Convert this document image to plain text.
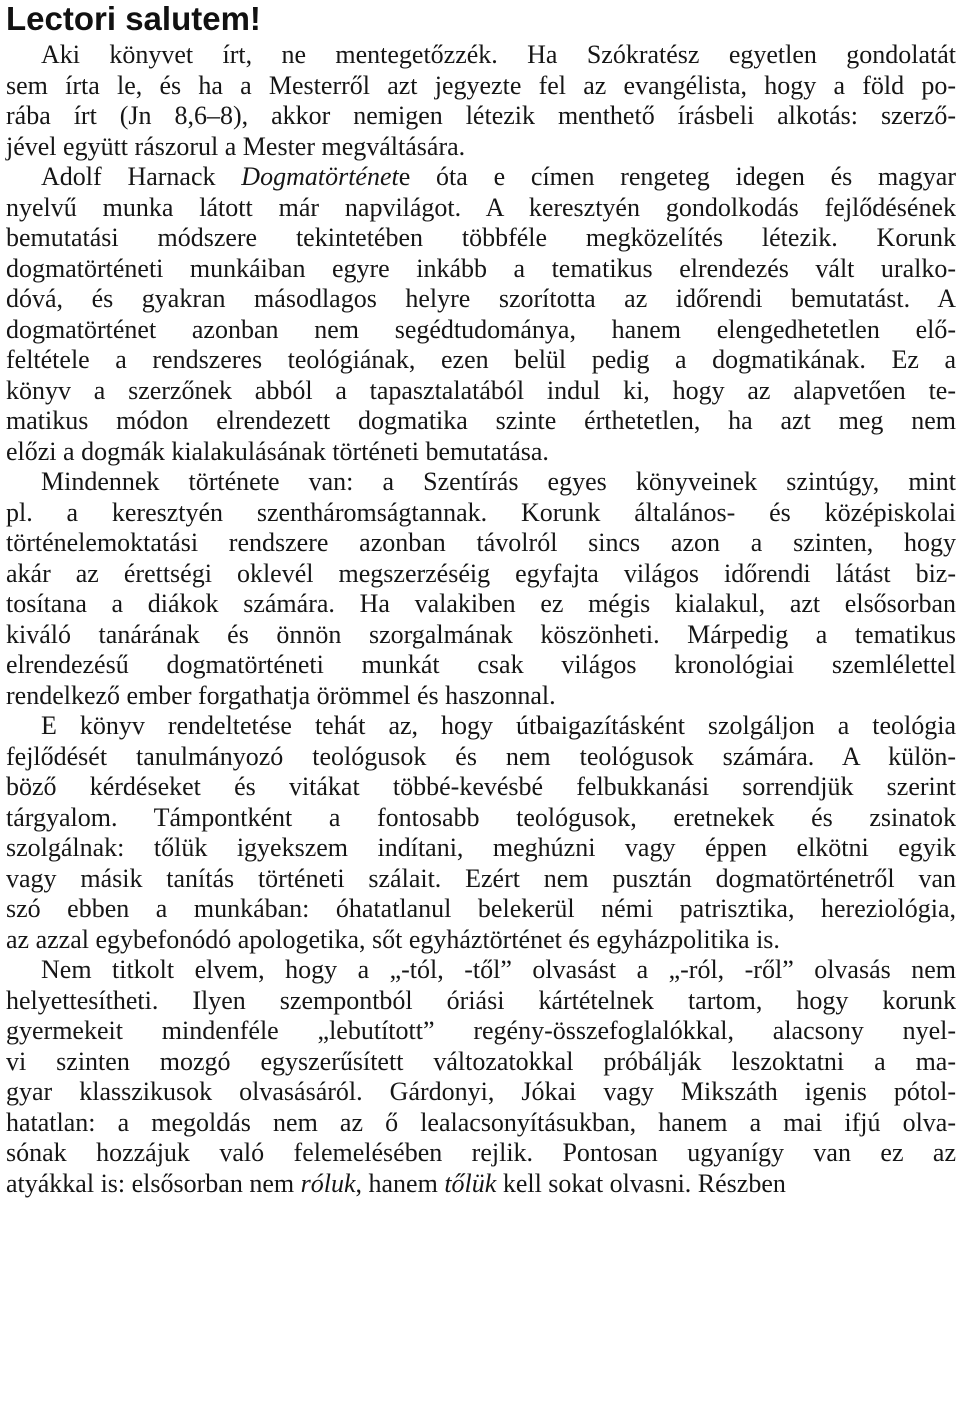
Lectori salutem!
Aki könyvet írt, ne mentegetőzzék. Ha Szókratész egyetlen gondolatát
sem írta le, és ha a Mesterről azt jegyezte fel az evangélista, hogy a föld po-
rába írt (Jn 8,6–8), akkor nemigen létezik menthető írásbeli alkotás: szerző-
jével együtt rászorul a Mester megváltására.
Adolf Harnack Dogmatörténete óta e címen rengeteg idegen és magyar
nyelvű munka látott már napvilágot. A keresztyén gondolkodás fejlődésének
bemutatási módszere tekintetében többféle megközelítés létezik. Korunk
dogmatörténeti munkáiban egyre inkább a tematikus elrendezés vált uralko-
dóvá, és gyakran másodlagos helyre szorította az időrendi bemutatást. A
dogmatörténet azonban nem segédtudománya, hanem elengedhetetlen elő-
feltétele a rendszeres teológiának, ezen belül pedig a dogmatikának. Ez a
könyv a szerzőnek abból a tapasztalatából indul ki, hogy az alapvetően te-
matikus módon elrendezett dogmatika szinte érthetetlen, ha azt meg nem
előzi a dogmák kialakulásának történeti bemutatása.
Mindennek története van: a Szentírás egyes könyveinek szintúgy, mint
pl. a keresztyén szentháromságtannak. Korunk általános- és középiskolai
történelemoktatási rendszere azonban távolról sincs azon a szinten, hogy
akár az érettségi oklevél megszerzéséig egyfajta világos időrendi látást biz-
tosítana a diákok számára. Ha valakiben ez mégis kialakul, azt elsősorban
kiváló tanárának és önnön szorgalmának köszönheti. Márpedig a tematikus
elrendezésű dogmatörténeti munkát csak világos kronológiai szemlélettel
rendelkező ember forgathatja örömmel és haszonnal.
E könyv rendeltetése tehát az, hogy útbaigazításként szolgáljon a teológia
fejlődését tanulmányozó teológusok és nem teológusok számára. A külön-
böző kérdéseket és vitákat többé-kevésbé felbukkanási sorrendjük szerint
tárgyalom. Támpontként a fontosabb teológusok, eretnekek és zsinatok
szolgálnak: tőlük igyekszem indítani, meghúzni vagy éppen elkötni egyik
vagy másik tanítás történeti szálait. Ezért nem pusztán dogmatörténetről van
szó ebben a munkában: óhatatlanul belekerül némi patrisztika, hereziológia,
az azzal egybefonódó apologetika, sőt egyháztörténet és egyházpolitika is.
Nem titkolt elvem, hogy a „-tól, -től” olvasást a „-ról, -ről” olvasás nem
helyettesítheti. Ilyen szempontból óriási kártételnek tartom, hogy korunk
gyermekeit mindenféle „lebutított” regény-összefoglalókkal, alacsony nyel-
vi szinten mozgó egyszerűsített változatokkal próbálják leszoktatni a ma-
gyar klasszikusok olvasásáról. Gárdonyi, Jókai vagy Mikszáth igenis pótol-
hatatlan: a megoldás nem az ő lealacsonyításukban, hanem a mai ifjú olva-
sónak hozzájuk való felemelésében rejlik. Pontosan ugyanígy van ez az
atyákkal is: elsősorban nem róluk, hanem tőlük kell sokat olvasni. Részben
